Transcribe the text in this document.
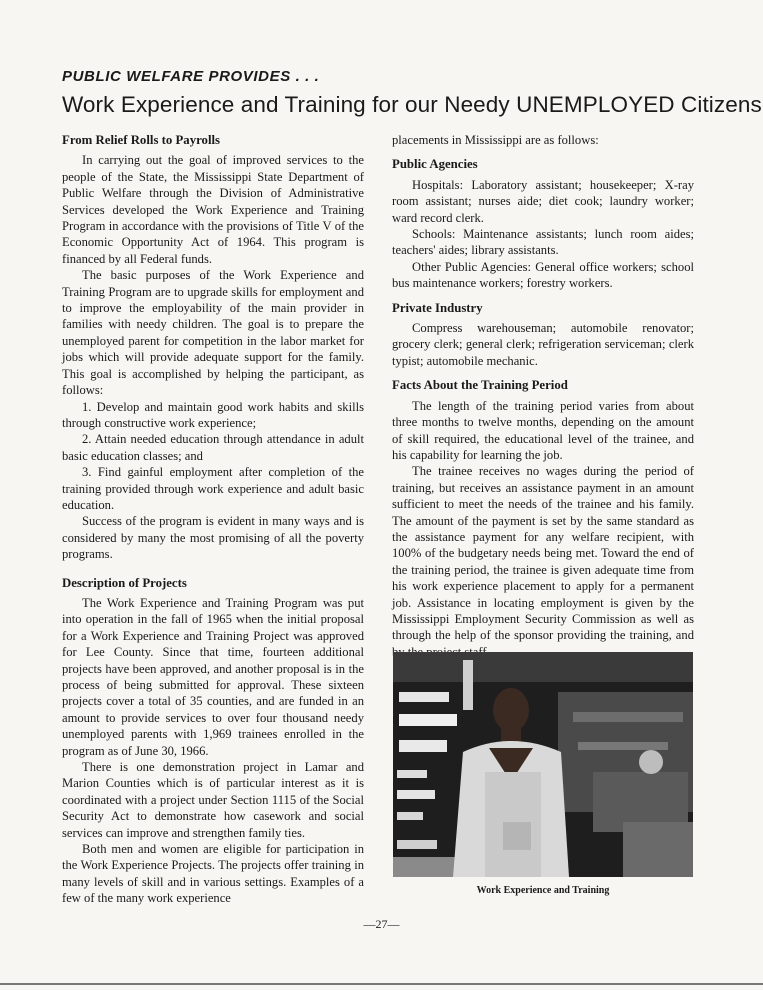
PUBLIC WELFARE PROVIDES . . .
Work Experience and Training for our Needy UNEMPLOYED Citizens
From Relief Rolls to Payrolls

In carrying out the goal of improved services to the people of the State, the Mississippi State Department of Public Welfare through the Division of Administrative Services developed the Work Experience and Training Program in accordance with the provisions of Title V of the Economic Opportunity Act of 1964. This program is financed by all Federal funds.

The basic purposes of the Work Experience and Training Program are to upgrade skills for employment and to improve the employability of the main provider in families with needy children. The goal is to prepare the unemployed parent for competition in the labor market for jobs which will provide adequate support for the family. This goal is accomplished by helping the participant, as follows:

1. Develop and maintain good work habits and skills through constructive work experience;

2. Attain needed education through attendance in adult basic education classes; and

3. Find gainful employment after completion of the training provided through work experience and adult basic education.

Success of the program is evident in many ways and is considered by many the most promising of all the poverty programs.

Description of Projects

The Work Experience and Training Program was put into operation in the fall of 1965 when the initial proposal for a Work Experience and Training Project was approved for Lee County. Since that time, fourteen additional projects have been approved, and another proposal is in the process of being submitted for approval. These sixteen projects cover a total of 35 counties, and are funded in an amount to provide services to over four thousand needy unemployed parents with 1,969 trainees enrolled in the program as of June 30, 1966.

There is one demonstration project in Lamar and Marion Counties which is of particular interest as it is coordinated with a project under Section 1115 of the Social Security Act to demonstrate how casework and social services can improve and strengthen family ties.

Both men and women are eligible for participation in the Work Experience Projects. The projects offer training in many levels of skill and in various settings. Examples of a few of the many work experience

placements in Mississippi are as follows:

Public Agencies

Hospitals: Laboratory assistant; housekeeper; X-ray room assistant; nurses aide; diet cook; laundry worker; ward record clerk.

Schools: Maintenance assistants; lunch room aides; teachers' aides; library assistants.

Other Public Agencies: General office workers; school bus maintenance workers; forestry workers.

Private Industry

Compress warehouseman; automobile renovator; grocery clerk; general clerk; refrigeration serviceman; clerk typist; automobile mechanic.

Facts About the Training Period

The length of the training period varies from about three months to twelve months, depending on the amount of skill required, the educational level of the trainee, and his capability for learning the job.

The trainee receives no wages during the period of training, but receives an assistance payment in an amount sufficient to meet the needs of the trainee and his family. The amount of the payment is set by the same standard as the assistance payment for any welfare recipient, with 100% of the budgetary needs being met. Toward the end of the training period, the trainee is given adequate time from his work experience placement to apply for a permanent job. Assistance in locating employment is given by the Mississippi Employment Security Commission as well as through the help of the sponsor providing the training, and

Work Experience and Training
—27—
